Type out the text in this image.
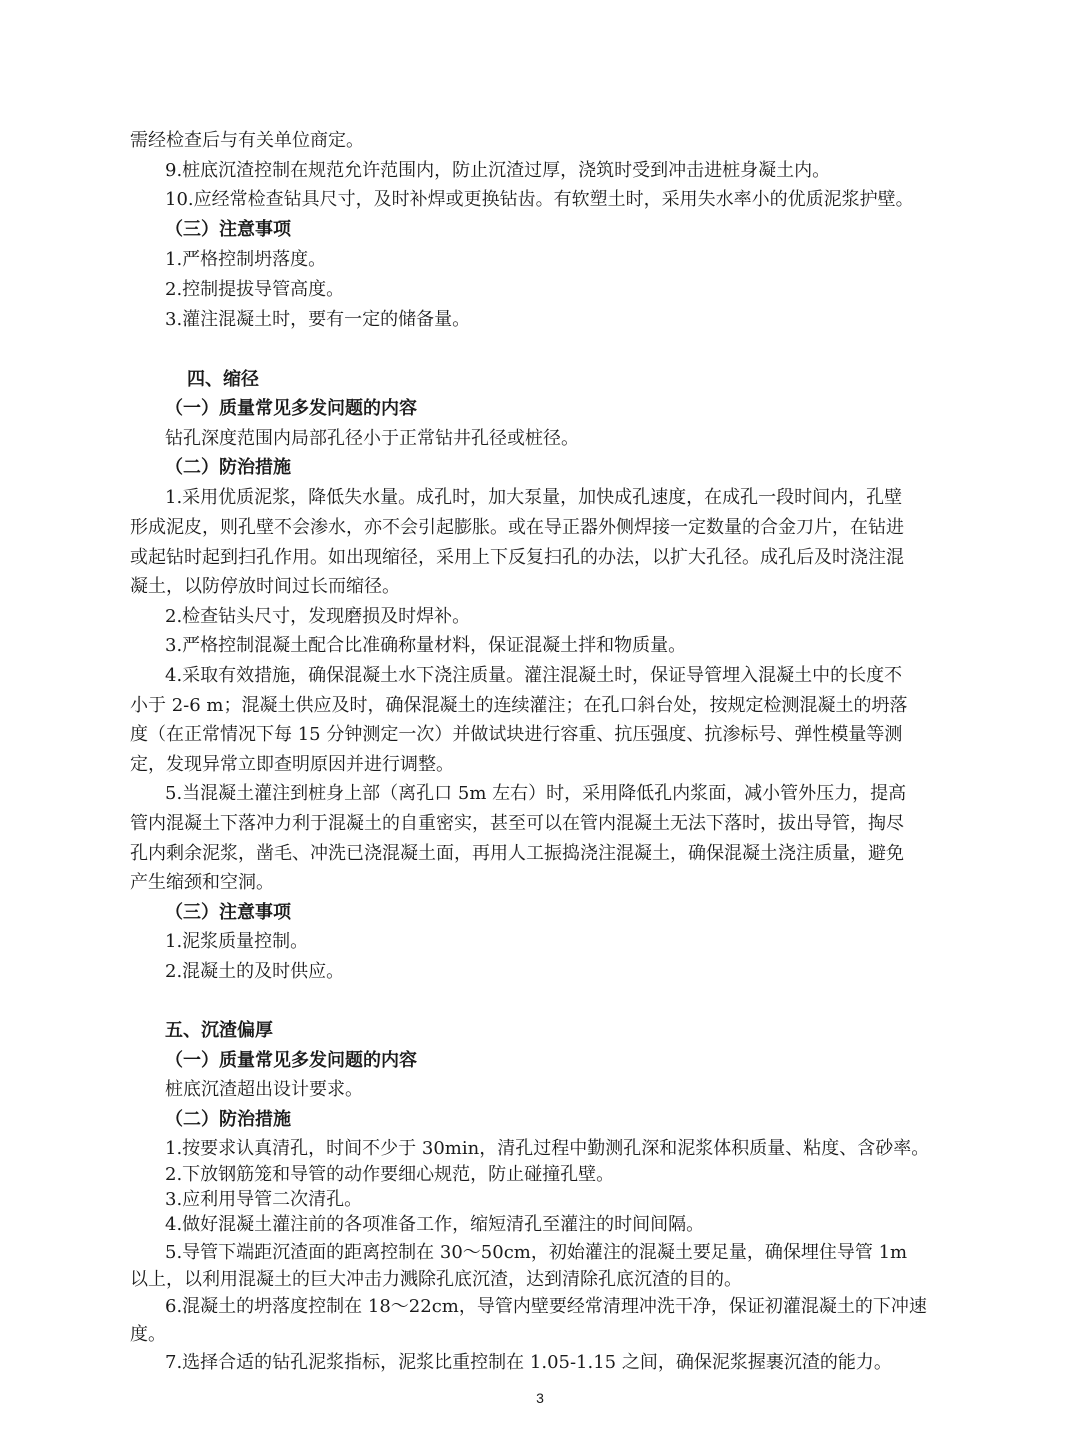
需经检查后与有关单位商定。
9.桩底沉渣控制在规范允许范围内，防止沉渣过厚，浇筑时受到冲击进桩身凝土内。
10.应经常检查钻具尺寸，及时补焊或更换钻齿。有软塑土时，采用失水率小的优质泥浆护壁。
（三）注意事项
1.严格控制坍落度。
2.控制提拔导管高度。
3.灌注混凝土时，要有一定的储备量。
四、缩径
（一）质量常见多发问题的内容
钻孔深度范围内局部孔径小于正常钻井孔径或桩径。
（二）防治措施
1.采用优质泥浆，降低失水量。成孔时，加大泵量，加快成孔速度，在成孔一段时间内，孔壁
形成泥皮，则孔壁不会渗水，亦不会引起膨胀。或在导正器外侧焊接一定数量的合金刀片，在钻进
或起钻时起到扫孔作用。如出现缩径，采用上下反复扫孔的办法，以扩大孔径。成孔后及时浇注混
凝土，以防停放时间过长而缩径。
2.检查钻头尺寸，发现磨损及时焊补。
3.严格控制混凝土配合比准确称量材料，保证混凝土拌和物质量。
4.采取有效措施，确保混凝土水下浇注质量。灌注混凝土时，保证导管埋入混凝土中的长度不
小于 2-6 m；混凝土供应及时，确保混凝土的连续灌注；在孔口斜台处，按规定检测混凝土的坍落
度（在正常情况下每 15 分钟测定一次）并做试块进行容重、抗压强度、抗渗标号、弹性模量等测
定，发现异常立即查明原因并进行调整。
5.当混凝土灌注到桩身上部（离孔口 5m 左右）时，采用降低孔内浆面，减小管外压力，提高
管内混凝土下落冲力利于混凝土的自重密实，甚至可以在管内混凝土无法下落时，拔出导管，掏尽
孔内剩余泥浆，凿毛、冲洗已浇混凝土面，再用人工振捣浇注混凝土，确保混凝土浇注质量，避免
产生缩颈和空洞。
（三）注意事项
1.泥浆质量控制。
2.混凝土的及时供应。
五、沉渣偏厚
（一）质量常见多发问题的内容
桩底沉渣超出设计要求。
（二）防治措施
1.按要求认真清孔，时间不少于 30min，清孔过程中勤测孔深和泥浆体积质量、粘度、含砂率。
2.下放钢筋笼和导管的动作要细心规范，防止碰撞孔壁。
3.应利用导管二次清孔。
4.做好混凝土灌注前的各项准备工作，缩短清孔至灌注的时间间隔。
5.导管下端距沉渣面的距离控制在 30～50cm，初始灌注的混凝土要足量，确保埋住导管 1m
以上，以利用混凝土的巨大冲击力溅除孔底沉渣，达到清除孔底沉渣的目的。
6.混凝土的坍落度控制在 18～22cm，导管内壁要经常清理冲洗干净，保证初灌混凝土的下冲速
度。
7.选择合适的钻孔泥浆指标，泥浆比重控制在 1.05-1.15 之间，确保泥浆握裹沉渣的能力。
3
